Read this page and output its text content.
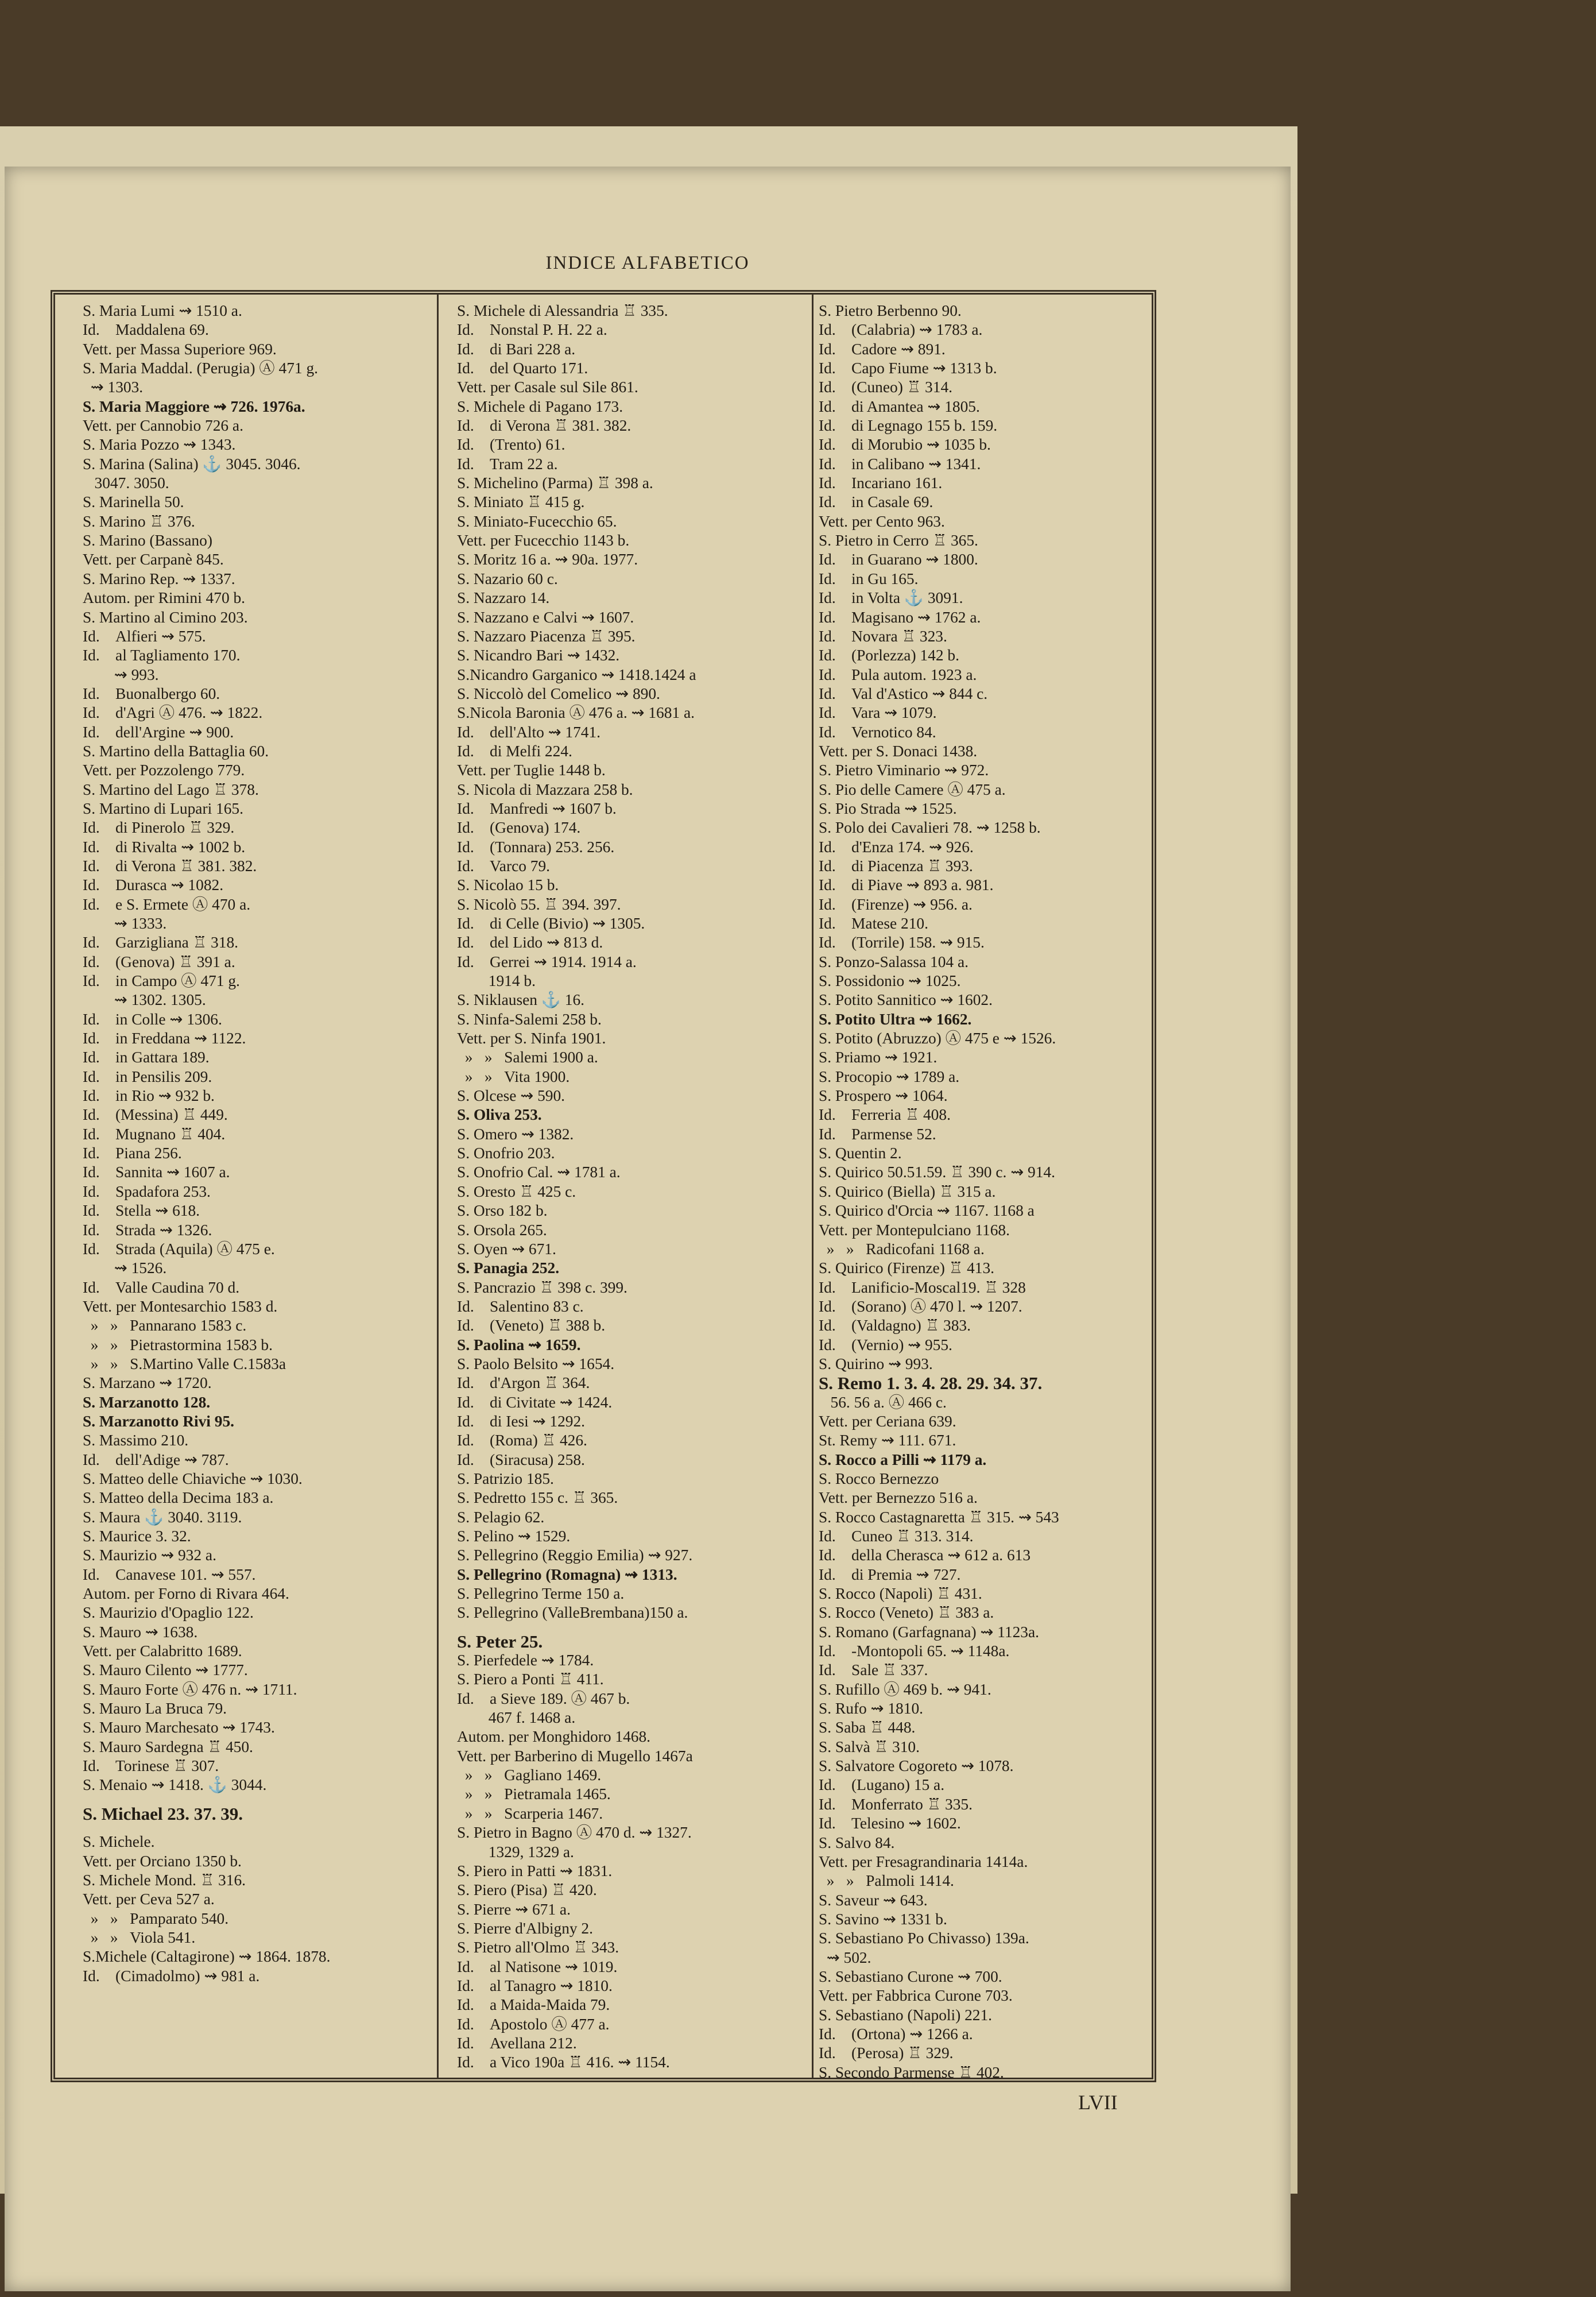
INDICE ALFABETICO
S. Maria Lumi ⇝ 1510 a.
Id.    Maddalena 69.
Vett. per Massa Superiore 969.
S. Maria Maddal. (Perugia) Ⓐ 471 g.
⇝ 1303.
S. Maria Maggiore ⇝ 726. 1976a.
Vett. per Cannobio 726 a.
S. Maria Pozzo ⇝ 1343.
S. Marina (Salina) ⚓ 3045. 3046.
3047. 3050.
S. Marinella 50.
S. Marino ♖ 376.
S. Marino (Bassano)
Vett. per Carpanè 845.
S. Marino Rep. ⇝ 1337.
Autom. per Rimini 470 b.
S. Martino al Cimino 203.
Id.    Alfieri ⇝ 575.
Id.    al Tagliamento 170.
⇝ 993.
Id.    Buonalbergo 60.
Id.    d'Agri Ⓐ 476. ⇝ 1822.
Id.    dell'Argine ⇝ 900.
S. Martino della Battaglia 60.
Vett. per Pozzolengo 779.
S. Martino del Lago ♖ 378.
S. Martino di Lupari 165.
Id.    di Pinerolo ♖ 329.
Id.    di Rivalta ⇝ 1002 b.
Id.    di Verona ♖ 381. 382.
Id.    Durasca ⇝ 1082.
Id.    e S. Ermete Ⓐ 470 a.
⇝ 1333.
Id.    Garzigliana ♖ 318.
Id.    (Genova) ♖ 391 a.
Id.    in Campo Ⓐ 471 g.
⇝ 1302. 1305.
Id.    in Colle ⇝ 1306.
Id.    in Freddana ⇝ 1122.
Id.    in Gattara 189.
Id.    in Pensilis 209.
Id.    in Rio ⇝ 932 b.
Id.    (Messina) ♖ 449.
Id.    Mugnano ♖ 404.
Id.    Piana 256.
Id.    Sannita ⇝ 1607 a.
Id.    Spadafora 253.
Id.    Stella ⇝ 618.
Id.    Strada ⇝ 1326.
Id.    Strada (Aquila) Ⓐ 475 e.
⇝ 1526.
Id.    Valle Caudina 70 d.
Vett. per Montesarchio 1583 d.
»   »   Pannarano 1583 c.
»   »   Pietrastormina 1583 b.
»   »   S.Martino Valle C.1583a
S. Marzano ⇝ 1720.
S. Marzanotto 128.
S. Marzanotto Rivi 95.
S. Massimo 210.
Id.    dell'Adige ⇝ 787.
S. Matteo delle Chiaviche ⇝ 1030.
S. Matteo della Decima 183 a.
S. Maura ⚓ 3040. 3119.
S. Maurice 3. 32.
S. Maurizio ⇝ 932 a.
Id.    Canavese 101. ⇝ 557.
Autom. per Forno di Rivara 464.
S. Maurizio d'Opaglio 122.
S. Mauro ⇝ 1638.
Vett. per Calabritto 1689.
S. Mauro Cilento ⇝ 1777.
S. Mauro Forte Ⓐ 476 n. ⇝ 1711.
S. Mauro La Bruca 79.
S. Mauro Marchesato ⇝ 1743.
S. Mauro Sardegna ♖ 450.
Id.    Torinese ♖ 307.
S. Menaio ⇝ 1418. ⚓ 3044.
S. Michael 23. 37. 39.
S. Michele.
Vett. per Orciano 1350 b.
S. Michele Mond. ♖ 316.
Vett. per Ceva 527 a.
»   »   Pamparato 540.
»   »   Viola 541.
S.Michele (Caltagirone) ⇝ 1864. 1878.
Id.    (Cimadolmo) ⇝ 981 a.
S. Michele di Alessandria ♖ 335.
Id.    Nonstal P. H. 22 a.
Id.    di Bari 228 a.
Id.    del Quarto 171.
Vett. per Casale sul Sile 861.
S. Michele di Pagano 173.
Id.    di Verona ♖ 381. 382.
Id.    (Trento) 61.
Id.    Tram 22 a.
S. Michelino (Parma) ♖ 398 a.
S. Miniato ♖ 415 g.
S. Miniato-Fucecchio 65.
Vett. per Fucecchio 1143 b.
S. Moritz 16 a. ⇝ 90a. 1977.
S. Nazario 60 c.
S. Nazzaro 14.
S. Nazzano e Calvi ⇝ 1607.
S. Nazzaro Piacenza ♖ 395.
S. Nicandro Bari ⇝ 1432.
S.Nicandro Garganico ⇝ 1418.1424 a
S. Niccolò del Comelico ⇝ 890.
S.Nicola Baronia Ⓐ 476 a. ⇝ 1681 a.
Id.    dell'Alto ⇝ 1741.
Id.    di Melfi 224.
Vett. per Tuglie 1448 b.
S. Nicola di Mazzara 258 b.
Id.    Manfredi ⇝ 1607 b.
Id.    (Genova) 174.
Id.    (Tonnara) 253. 256.
Id.    Varco 79.
S. Nicolao 15 b.
S. Nicolò 55. ♖ 394. 397.
Id.    di Celle (Bivio) ⇝ 1305.
Id.    del Lido ⇝ 813 d.
Id.    Gerrei ⇝ 1914. 1914 a.
1914 b.
S. Niklausen ⚓ 16.
S. Ninfa-Salemi 258 b.
Vett. per S. Ninfa 1901.
»   »   Salemi 1900 a.
»   »   Vita 1900.
S. Olcese ⇝ 590.
S. Oliva 253.
S. Omero ⇝ 1382.
S. Onofrio 203.
S. Onofrio Cal. ⇝ 1781 a.
S. Oresto ♖ 425 c.
S. Orso 182 b.
S. Orsola 265.
S. Oyen ⇝ 671.
S. Panagia 252.
S. Pancrazio ♖ 398 c. 399.
Id.    Salentino 83 c.
Id.    (Veneto) ♖ 388 b.
S. Paolina ⇝ 1659.
S. Paolo Belsito ⇝ 1654.
Id.    d'Argon ♖ 364.
Id.    di Civitate ⇝ 1424.
Id.    di Iesi ⇝ 1292.
Id.    (Roma) ♖ 426.
Id.    (Siracusa) 258.
S. Patrizio 185.
S. Pedretto 155 c. ♖ 365.
S. Pelagio 62.
S. Pelino ⇝ 1529.
S. Pellegrino (Reggio Emilia) ⇝ 927.
S. Pellegrino (Romagna) ⇝ 1313.
S. Pellegrino Terme 150 a.
S. Pellegrino (ValleBrembana)150 a.
S. Peter 25.
S. Pierfedele ⇝ 1784.
S. Piero a Ponti ♖ 411.
Id.    a Sieve 189. Ⓐ 467 b.
467 f. 1468 a.
Autom. per Monghidoro 1468.
Vett. per Barberino di Mugello 1467a
»   »   Gagliano 1469.
»   »   Pietramala 1465.
»   »   Scarperia 1467.
S. Pietro in Bagno Ⓐ 470 d. ⇝ 1327.
1329, 1329 a.
S. Piero in Patti ⇝ 1831.
S. Piero (Pisa) ♖ 420.
S. Pierre ⇝ 671 a.
S. Pierre d'Albigny 2.
S. Pietro all'Olmo ♖ 343.
Id.    al Natisone ⇝ 1019.
Id.    al Tanagro ⇝ 1810.
Id.    a Maida-Maida 79.
Id.    Apostolo Ⓐ 477 a.
Id.    Avellana 212.
Id.    a Vico 190a ♖ 416. ⇝ 1154.
S. Pietro Berbenno 90.
Id.    (Calabria) ⇝ 1783 a.
Id.    Cadore ⇝ 891.
Id.    Capo Fiume ⇝ 1313 b.
Id.    (Cuneo) ♖ 314.
Id.    di Amantea ⇝ 1805.
Id.    di Legnago 155 b. 159.
Id.    di Morubio ⇝ 1035 b.
Id.    in Calibano ⇝ 1341.
Id.    Incariano 161.
Id.    in Casale 69.
Vett. per Cento 963.
S. Pietro in Cerro ♖ 365.
Id.    in Guarano ⇝ 1800.
Id.    in Gu 165.
Id.    in Volta ⚓ 3091.
Id.    Magisano ⇝ 1762 a.
Id.    Novara ♖ 323.
Id.    (Porlezza) 142 b.
Id.    Pula autom. 1923 a.
Id.    Val d'Astico ⇝ 844 c.
Id.    Vara ⇝ 1079.
Id.    Vernotico 84.
Vett. per S. Donaci 1438.
S. Pietro Viminario ⇝ 972.
S. Pio delle Camere Ⓐ 475 a.
S. Pio Strada ⇝ 1525.
S. Polo dei Cavalieri 78. ⇝ 1258 b.
Id.    d'Enza 174. ⇝ 926.
Id.    di Piacenza ♖ 393.
Id.    di Piave ⇝ 893 a. 981.
Id.    (Firenze) ⇝ 956. a.
Id.    Matese 210.
Id.    (Torrile) 158. ⇝ 915.
S. Ponzo-Salassa 104 a.
S. Possidonio ⇝ 1025.
S. Potito Sannitico ⇝ 1602.
S. Potito Ultra ⇝ 1662.
S. Potito (Abruzzo) Ⓐ 475 e ⇝ 1526.
S. Priamo ⇝ 1921.
S. Procopio ⇝ 1789 a.
S. Prospero ⇝ 1064.
Id.    Ferreria ♖ 408.
Id.    Parmense 52.
S. Quentin 2.
S. Quirico 50.51.59. ♖ 390 c. ⇝ 914.
S. Quirico (Biella) ♖ 315 a.
S. Quirico d'Orcia ⇝ 1167. 1168 a
Vett. per Montepulciano 1168.
»   »   Radicofani 1168 a.
S. Quirico (Firenze) ♖ 413.
Id.    Lanificio-Moscal19. ♖ 328
Id.    (Sorano) Ⓐ 470 l. ⇝ 1207.
Id.    (Valdagno) ♖ 383.
Id.    (Vernio) ⇝ 955.
S. Quirino ⇝ 993.
S. Remo 1. 3. 4. 28. 29. 34. 37.
56. 56 a. Ⓐ 466 c.
Vett. per Ceriana 639.
St. Remy ⇝ 111. 671.
S. Rocco a Pilli ⇝ 1179 a.
S. Rocco Bernezzo
Vett. per Bernezzo 516 a.
S. Rocco Castagnaretta ♖ 315. ⇝ 543
Id.    Cuneo ♖ 313. 314.
Id.    della Cherasca ⇝ 612 a. 613
Id.    di Premia ⇝ 727.
S. Rocco (Napoli) ♖ 431.
S. Rocco (Veneto) ♖ 383 a.
S. Romano (Garfagnana) ⇝ 1123a.
Id.    -Montopoli 65. ⇝ 1148a.
Id.    Sale ♖ 337.
S. Rufillo Ⓐ 469 b. ⇝ 941.
S. Rufo ⇝ 1810.
S. Saba ♖ 448.
S. Salvà ♖ 310.
S. Salvatore Cogoreto ⇝ 1078.
Id.    (Lugano) 15 a.
Id.    Monferrato ♖ 335.
Id.    Telesino ⇝ 1602.
S. Salvo 84.
Vett. per Fresagrandinaria 1414a.
»   »   Palmoli 1414.
S. Saveur ⇝ 643.
S. Savino ⇝ 1331 b.
S. Sebastiano Po Chivasso) 139a.
⇝ 502.
S. Sebastiano Curone ⇝ 700.
Vett. per Fabbrica Curone 703.
S. Sebastiano (Napoli) 221.
Id.    (Ortona) ⇝ 1266 a.
Id.    (Perosa) ♖ 329.
S. Secondo Parmense ♖ 402.
LVII
